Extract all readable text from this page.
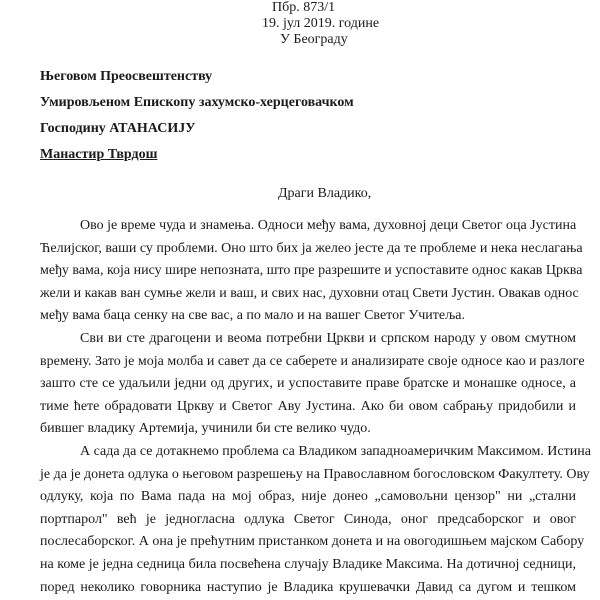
Пбр. 873/1
19. јул 2019. године
У Београду
Његовом Преосвештенству
Умировљеном Епископу захумско-херцеговачком
Господину АТАНАСИЈУ
Манастир Тврдош
Драги Владико,
Ово је време чуда и знамења. Односи међу вама, духовној деци Светог оца Јустина
Ћелијског, ваши су проблеми. Оно што бих ја желео јесте да те проблеме и нека неслагања
међу вама, која нису шире непозната, што пре разрешите и успоставите однос какав Црква
жели и какав ван сумње жели и ваш, и свих нас, духовни отац Свети Јустин. Овакав однос
међу вама баца сенку на све вас, а по мало и на вашег Светог Учитеља.
Сви ви сте драгоцени и веома потребни Цркви и српском народу у овом смутном
времену. Зато је моја молба и савет да се саберете и анализирате своје односе као и разлоге
зашто сте се удаљили једни од других, и успоставите праве братске и монашке односе, а
тиме ћете обрадовати Цркву и Светог Аву Јустина. Ако би овом сабрању придобили и
бившег владику Артемија, учинили би сте велико чудо.
А сада да се дотакнемо проблема са Владиком западноамеричким Максимом. Истина
је да је донета одлука о његовом разрешењу на Православном богословском Факултету. Ову
одлуку, која по Вама пада на мој образ, није донео „самовољни цензор" ни „стални
портпарол" већ је једногласна одлука Светог Синода, оног предсаборског и овог
послесаборског. А она је прећутним пристанком донета и на овогодишњем мајском Сабору
на коме је једна седница била посвећена случају Владике Максима. На дотичној седници,
поред неколико говорника наступио је Владика крушевачки Давид са дугом и тешком
